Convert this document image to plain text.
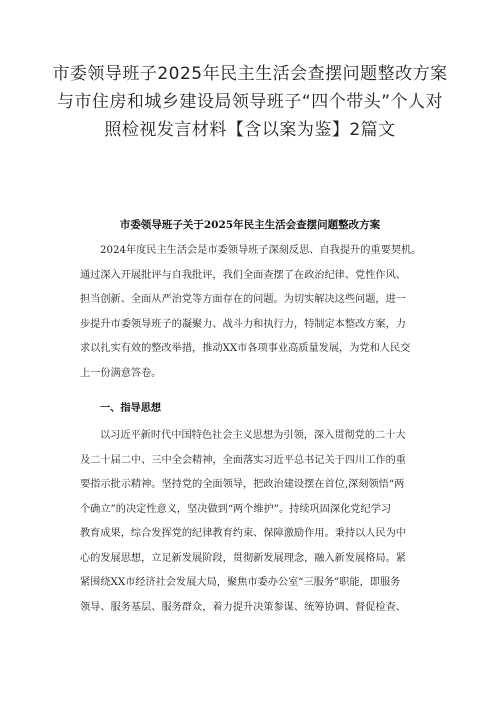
市委领导班子2025年民主生活会查摆问题整改方案
与市住房和城乡建设局领导班子“四个带头”个人对
照检视发言材料【含以案为鉴】2篇文
市委领导班子关于2025年民主生活会查摆问题整改方案
2024年度民主生活会是市委领导班子深刻反思、自我提升的重要契机。
通过深入开展批评与自我批评，我们全面查摆了在政治纪律、党性作风、
担当创新、全面从严治党等方面存在的问题。为切实解决这些问题，进一
步提升市委领导班子的凝聚力、战斗力和执行力，特制定本整改方案，力
求以扎实有效的整改举措，推动XX市各项事业高质量发展，为党和人民交
上一份满意答卷。
一、指导思想
以习近平新时代中国特色社会主义思想为引领，深入贯彻党的二十大
及二十届二中、三中全会精神，全面落实习近平总书记关于四川工作的重
要指示批示精神。坚持党的全面领导，把政治建设摆在首位,深刻领悟“两
个确立”的决定性意义，坚决做到“两个维护”。持续巩固深化党纪学习
教育成果，综合发挥党的纪律教育约束、保障激励作用。秉持以人民为中
心的发展思想，立足新发展阶段，贯彻新发展理念，融入新发展格局。紧
紧围绕XX市经济社会发展大局，聚焦市委办公室“三服务”职能，即服务
领导、服务基层、服务群众，着力提升决策参谋、统筹协调、督促检查、
